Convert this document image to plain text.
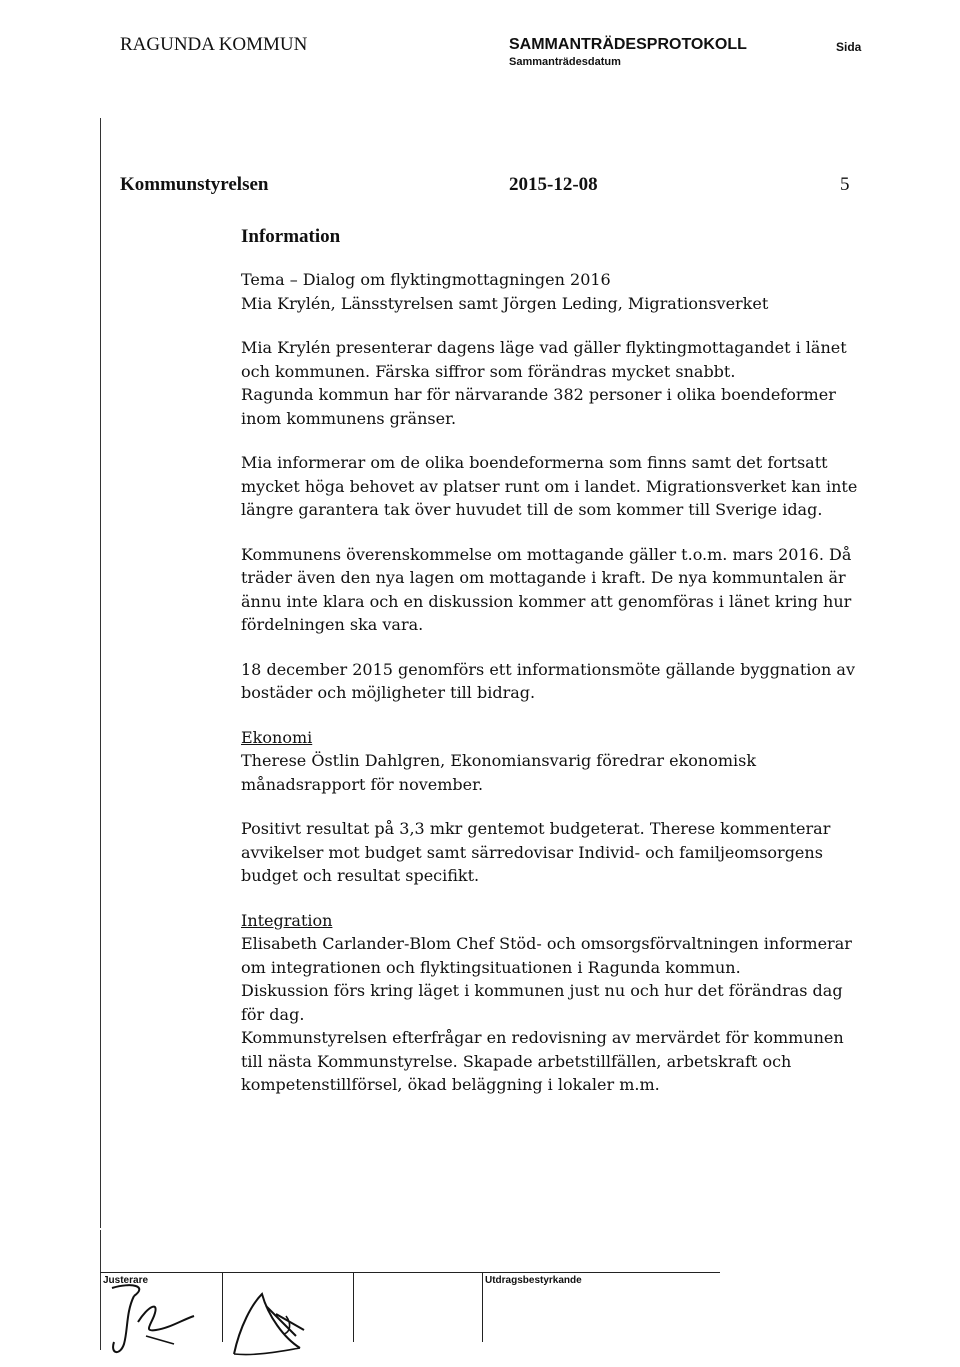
RAGUNDA KOMMUN	SAMMANTRÄDESPROTOKOLL
Sammanträdesdatum
Sida
Kommunstyrelsen	2015-12-08	5
Information

Tema – Dialog om flyktingmottagningen 2016
Mia Krylén, Länsstyrelsen samt Jörgen Leding, Migrationsverket

Mia Krylén presenterar dagens läge vad gäller flyktingmottagandet i länet
och kommunen. Färska siffror som förändras mycket snabbt.
Ragunda kommun har för närvarande 382 personer i olika boendeformer
inom kommunens gränser.

Mia informerar om de olika boendeformerna som finns samt det fortsatt
mycket höga behovet av platser runt om i landet. Migrationsverket kan inte
längre garantera tak över huvudet till de som kommer till Sverige idag.

Kommunens överenskommelse om mottagande gäller t.o.m. mars 2016. Då
träder även den nya lagen om mottagande i kraft. De nya kommuntalen är
ännu inte klara och en diskussion kommer att genomföras i länet kring hur
fördelningen ska vara.

18 december 2015 genomförs ett informationsmöte gällande byggnation av
bostäder och möjligheter till bidrag.

Ekonomi

Therese Östlin Dahlgren, Ekonomiansvarig föredrar ekonomisk
månadsrapport för november.

Positivt resultat på 3,3 mkr gentemot budgeterat. Therese kommenterar
avvikelser mot budget samt särredovisar Individ- och familjeomsorgens
budget och resultat specifikt.

Integration

Elisabeth Carlander-Blom Chef Stöd- och omsorgsförvaltningen informerar
om integrationen och flyktingsituationen i Ragunda kommun.
Diskussion förs kring läget i kommunen just nu och hur det förändras dag
för dag.
Kommunstyrelsen efterfrågar en redovisning av mervärdet för kommunen
till nästa Kommunstyrelse. Skapade arbetstillfällen, arbetskraft och
kompetenstillförsel, ökad beläggning i lokaler m.m.

Justerare	Utdragsbestyrkande
